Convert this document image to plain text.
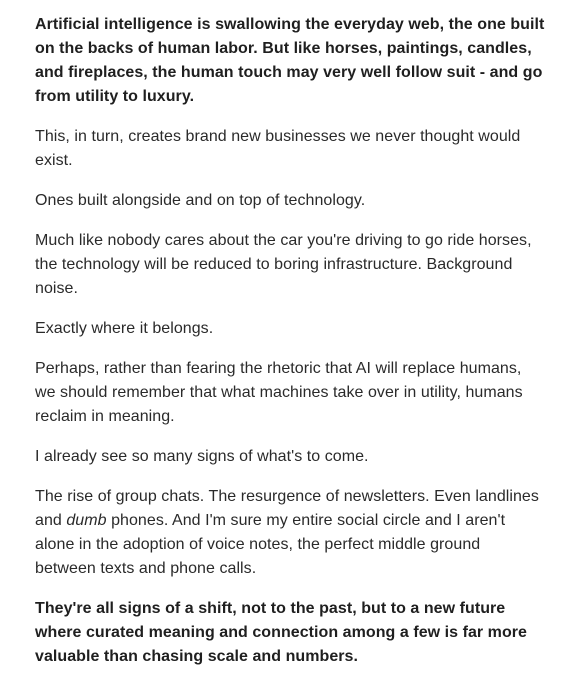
Artificial intelligence is swallowing the everyday web, the one built on the backs of human labor. But like horses, paintings, candles, and fireplaces, the human touch may very well follow suit - and go from utility to luxury.

This, in turn, creates brand new businesses we never thought would exist.

Ones built alongside and on top of technology.

Much like nobody cares about the car you're driving to go ride horses, the technology will be reduced to boring infrastructure. Background noise.

Exactly where it belongs.

Perhaps, rather than fearing the rhetoric that AI will replace humans, we should remember that what machines take over in utility, humans reclaim in meaning.

I already see so many signs of what's to come.

The rise of group chats. The resurgence of newsletters. Even landlines and dumb phones. And I'm sure my entire social circle and I aren't alone in the adoption of voice notes, the perfect middle ground between texts and phone calls.

They're all signs of a shift, not to the past, but to a new future where curated meaning and connection among a few is far more valuable than chasing scale and numbers.
